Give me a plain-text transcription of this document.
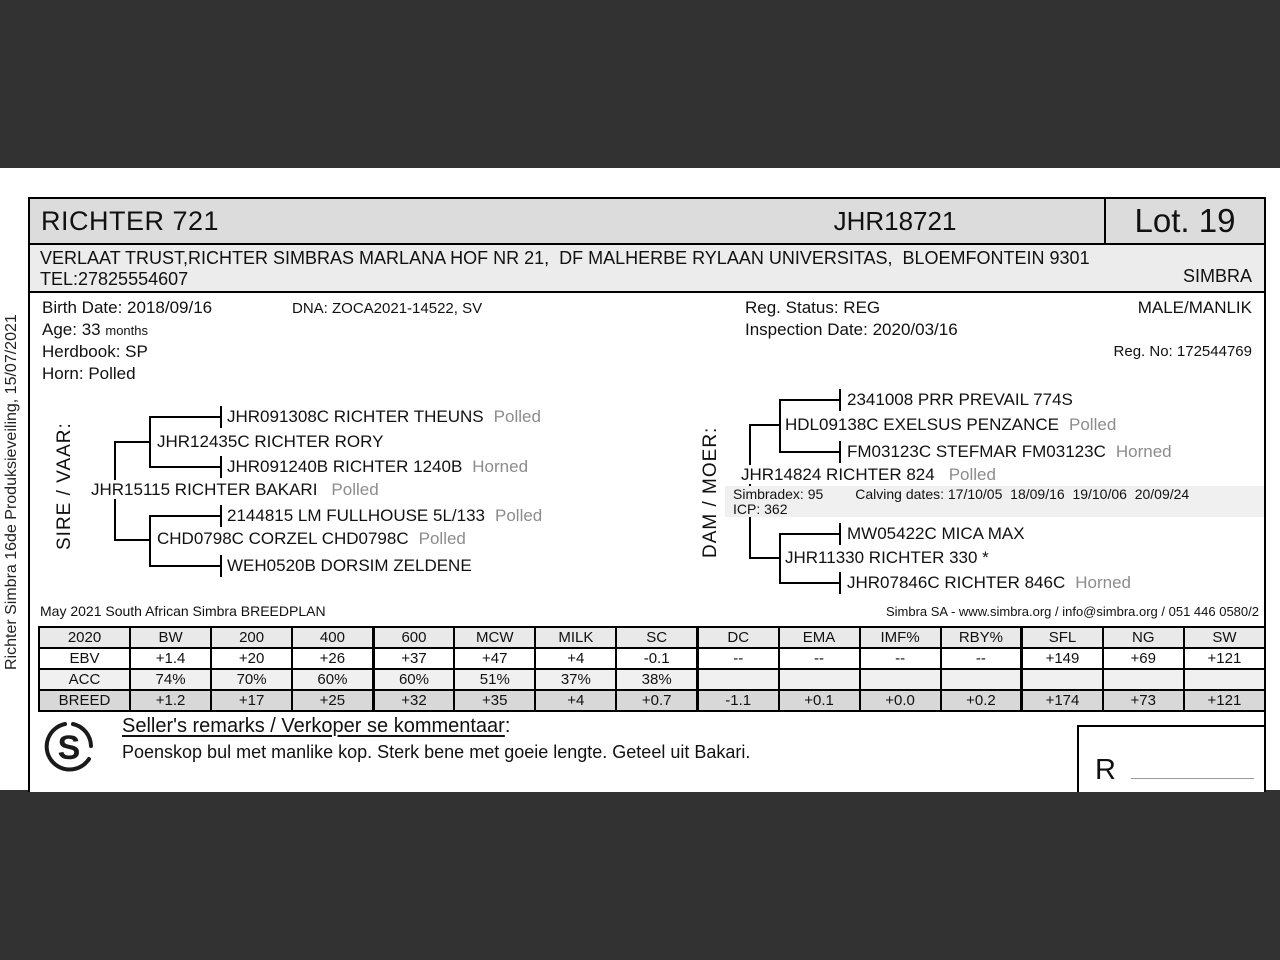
Richter Simbra 16de Produksieveiling, 15/07/2021
RICHTER 721	JHR18721	Lot. 19
VERLAAT TRUST,RICHTER SIMBRAS MARLANA HOF NR 21,  DF MALHERBE RYLAAN UNIVERSITAS,  BLOEMFONTEIN 9301
TEL:27825554607	SIMBRA
Birth Date: 2018/09/16	DNA: ZOCA2021-14522, SV
Age: 33 months
Herdbook: SP
Horn: Polled
Reg. Status: REG
Inspection Date: 2020/03/16
MALE/MANLIK
Reg. No: 172544769
SIRE / VAAR: JHR15115 RICHTER BAKARI Polled
JHR12435C RICHTER RORY
CHD0798C CORZEL CHD0798C Polled
JHR091308C RICHTER THEUNS Polled
JHR091240B RICHTER 1240B Horned
2144815 LM FULLHOUSE 5L/133 Polled
WEH0520B DORSIM ZELDENE
DAM / MOER: Simbradex: 95 Calving dates: 17/10/05  18/09/16  19/10/06  20/09/24
ICP: 362
JHR14824 RICHTER 824 Polled
HDL09138C EXELSUS PENZANCE Polled
JHR11330 RICHTER 330 *
2341008 PRR PREVAIL 774S
FM03123C STEFMAR FM03123C Horned
MW05422C MICA MAX
JHR07846C RICHTER 846C Horned
May 2021 South African Simbra BREEDPLAN	Simbra SA - www.simbra.org / info@simbra.org / 051 446 0580/2
2020	BW	200	400	600	MCW	MILK	SC	DC	EMA	IMF%	RBY%	SFL	NG	SW
EBV	+1.4	+20	+26	+37	+47	+4	-0.1	--	--	--	--	+149	+69	+121
ACC	74%	70%	60%	60%	51%	37%	38%							
BREED	+1.2	+17	+25	+32	+35	+4	+0.7	-1.1	+0.1	+0.0	+0.2	+174	+73	+121
S
Seller's remarks / Verkoper se kommentaar:
Poenskop bul met manlike kop. Sterk bene met goeie lengte. Geteel uit Bakari.
R
